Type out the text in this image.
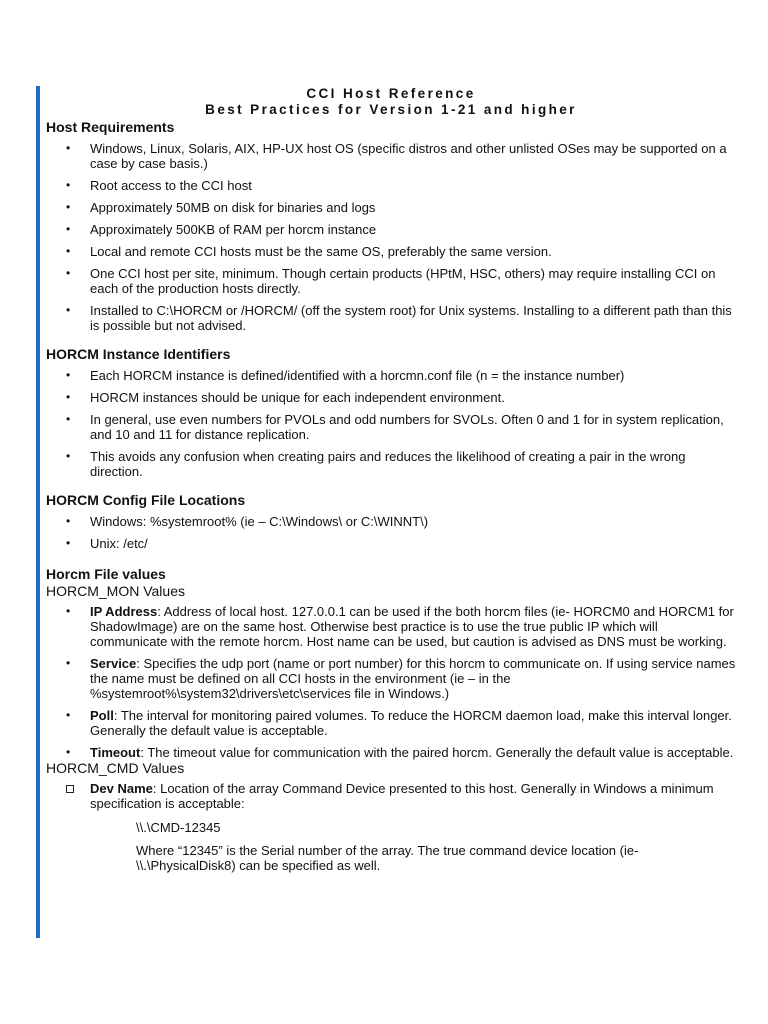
CCI Host Reference

Best Practices for Version 1-21 and higher

Host Requirements
• Windows, Linux, Solaris, AIX, HP-UX host OS (specific distros and other unlisted OSes may be supported on a case by case basis.)
• Root access to the CCI host
• Approximately 50MB on disk for binaries and logs
• Approximately 500KB of RAM per horcm instance
• Local and remote CCI hosts must be the same OS, preferably the same version.
• One CCI host per site, minimum. Though certain products (HPtM, HSC, others) may require installing CCI on each of the production hosts directly.
• Installed to C:\HORCM or /HORCM/ (off the system root) for Unix systems. Installing to a different path than this is possible but not advised.
HORCM Instance Identifiers
• Each HORCM instance is defined/identified with a horcmn.conf file (n = the instance number)
• HORCM instances should be unique for each independent environment.
• In general, use even numbers for PVOLs and odd numbers for SVOLs. Often 0 and 1 for in system replication, and 10 and 11 for distance replication.
• This avoids any confusion when creating pairs and reduces the likelihood of creating a pair in the wrong direction.
HORCM Config File Locations
• Windows: %systemroot% (ie – C:\Windows\ or C:\WINNT\)
• Unix: /etc/
Horcm File values

HORCM_MON Values

• IP Address: Address of local host. 127.0.0.1 can be used if the both horcm files (ie- HORCM0 and HORCM1 for ShadowImage) are on the same host. Otherwise best practice is to use the true public IP which will communicate with the remote horcm. Host name can be used, but caution is advised as DNS must be working.
• Service: Specifies the udp port (name or port number) for this horcm to communicate on. If using service names the name must be defined on all CCI hosts in the environment (ie – in the %systemroot%\system32\drivers\etc\services file in Windows.)
• Poll: The interval for monitoring paired volumes. To reduce the HORCM daemon load, make this interval longer. Generally the default value is acceptable.
• Timeout: The timeout value for communication with the paired horcm. Generally the default value is acceptable.

HORCM_CMD Values

Dev Name: Location of the array Command Device presented to this host. Generally in Windows a minimum specification is acceptable:

\\.\CMD-12345

Where “12345” is the Serial number of the array. The true command device location (ie- \\.\PhysicalDisk8) can be specified as well.
